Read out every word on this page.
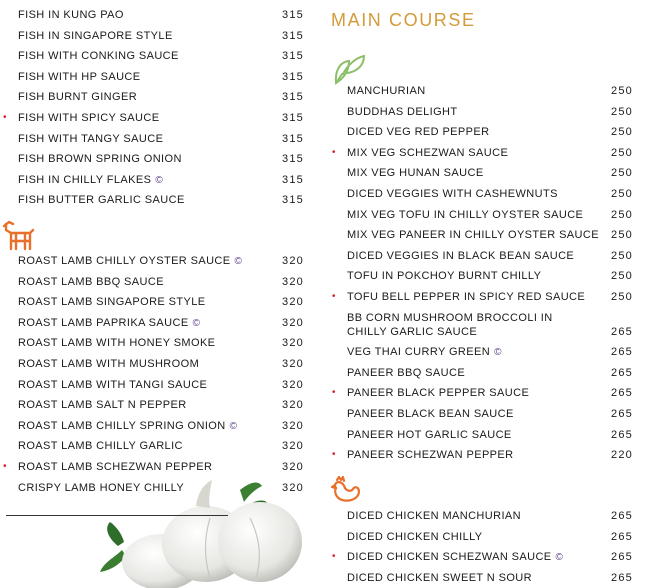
MAIN COURSE
FISH IN KUNG PAO	315
FISH IN SINGAPORE STYLE	315
FISH WITH CONKING SAUCE	315
FISH WITH HP SAUCE	315
FISH BURNT GINGER	315
• FISH WITH SPICY SAUCE	315
FISH WITH TANGY SAUCE	315
FISH BROWN SPRING ONION	315
FISH IN CHILLY FLAKES ©	315
FISH BUTTER GARLIC SAUCE	315
ROAST LAMB CHILLY OYSTER SAUCE ©	320
ROAST LAMB BBQ SAUCE	320
ROAST LAMB SINGAPORE STYLE	320
ROAST LAMB PAPRIKA SAUCE ©	320
ROAST LAMB WITH HONEY SMOKE	320
ROAST LAMB WITH MUSHROOM	320
ROAST LAMB WITH TANGI SAUCE	320
ROAST LAMB SALT N PEPPER	320
ROAST LAMB CHILLY SPRING ONION ©	320
ROAST LAMB CHILLY GARLIC	320
• ROAST LAMB SCHEZWAN PEPPER	320
CRISPY LAMB HONEY CHILLY	320
MANCHURIAN	250
BUDDHAS DELIGHT	250
DICED VEG RED PEPPER	250
• MIX VEG SCHEZWAN SAUCE	250
MIX VEG HUNAN SAUCE	250
DICED VEGGIES WITH CASHEWNUTS	250
MIX VEG TOFU IN CHILLY OYSTER SAUCE	250
MIX VEG PANEER IN CHILLY OYSTER SAUCE 250
DICED VEGGIES IN BLACK BEAN SAUCE	250
TOFU IN POKCHOY BURNT CHILLY	250
• TOFU BELL PEPPER IN SPICY RED SAUCE 250
BB CORN MUSHROOM BROCCOLI IN
CHILLY GARLIC SAUCE	265
VEG THAI CURRY GREEN ©	265
PANEER BBQ SAUCE	265
• PANEER BLACK PEPPER SAUCE	265
PANEER BLACK BEAN SAUCE	265
PANEER HOT GARLIC SAUCE	265
• PANEER SCHEZWAN PEPPER	220
DICED CHICKEN MANCHURIAN	265
DICED CHICKEN CHILLY	265
• DICED CHICKEN SCHEZWAN SAUCE ©	265
DICED CHICKEN SWEET N SOUR	265
